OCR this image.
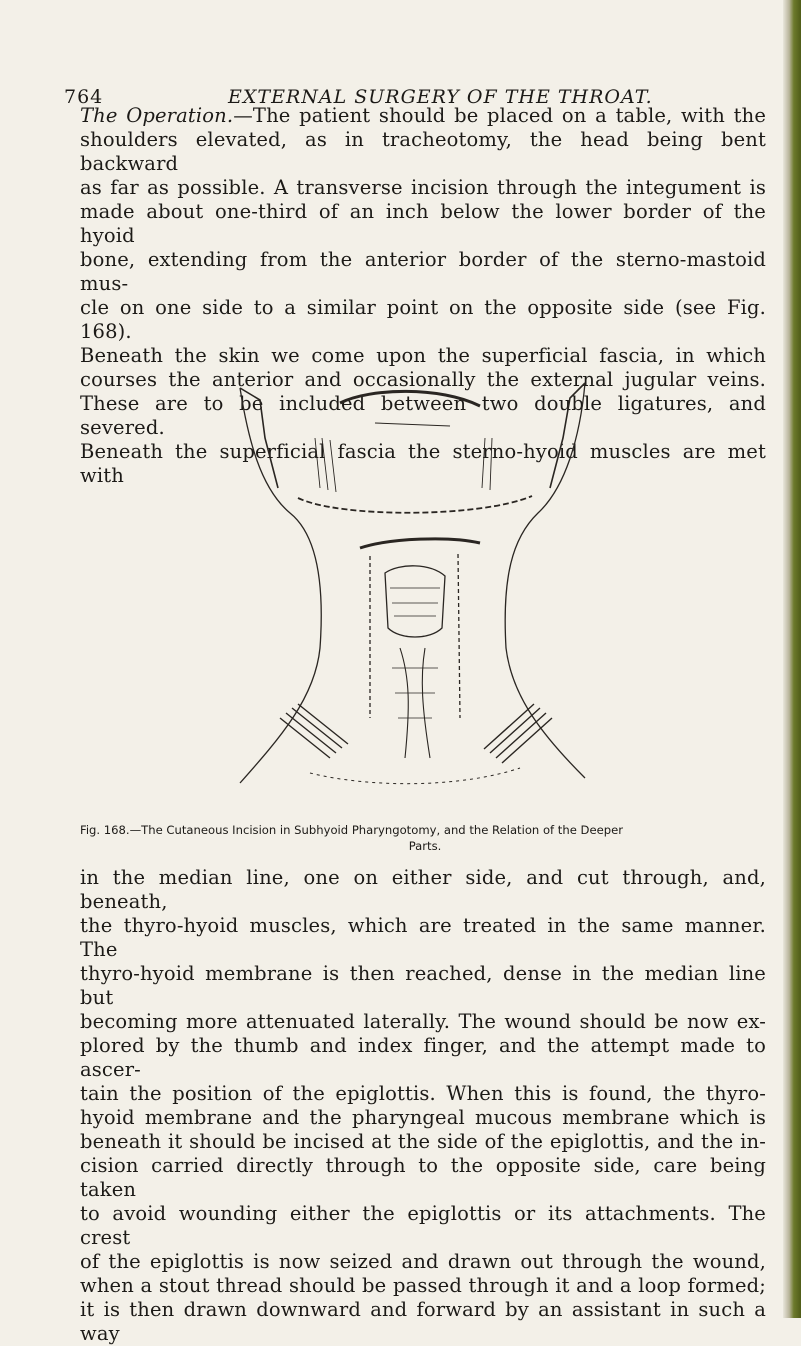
764	EXTERNAL SURGERY OF THE THROAT.
The Operation.—The patient should be placed on a table, with the
shoulders elevated, as in tracheotomy, the head being bent backward
as far as possible. A transverse incision through the integument is
made about one-third of an inch below the lower border of the hyoid
bone, extending from the anterior border of the sterno-mastoid mus-
cle on one side to a similar point on the opposite side (see Fig. 168).
Beneath the skin we come upon the superficial fascia, in which
courses the anterior and occasionally the external jugular veins.
These are to be included between two double ligatures, and severed.
Beneath the superficial fascia the sterno-hyoid muscles are met with
Fig. 168.—The Cutaneous Incision in Subhyoid Pharyngotomy, and the Relation of the Deeper
Parts.
in the median line, one on either side, and cut through, and, beneath,
the thyro-hyoid muscles, which are treated in the same manner. The
thyro-hyoid membrane is then reached, dense in the median line but
becoming more attenuated laterally. The wound should be now ex-
plored by the thumb and index finger, and the attempt made to ascer-
tain the position of the epiglottis. When this is found, the thyro-
hyoid membrane and the pharyngeal mucous membrane which is
beneath it should be incised at the side of the epiglottis, and the in-
cision carried directly through to the opposite side, care being taken
to avoid wounding either the epiglottis or its attachments. The crest
of the epiglottis is now seized and drawn out through the wound,
when a stout thread should be passed through it and a loop formed;
it is then drawn downward and forward by an assistant in such a way
